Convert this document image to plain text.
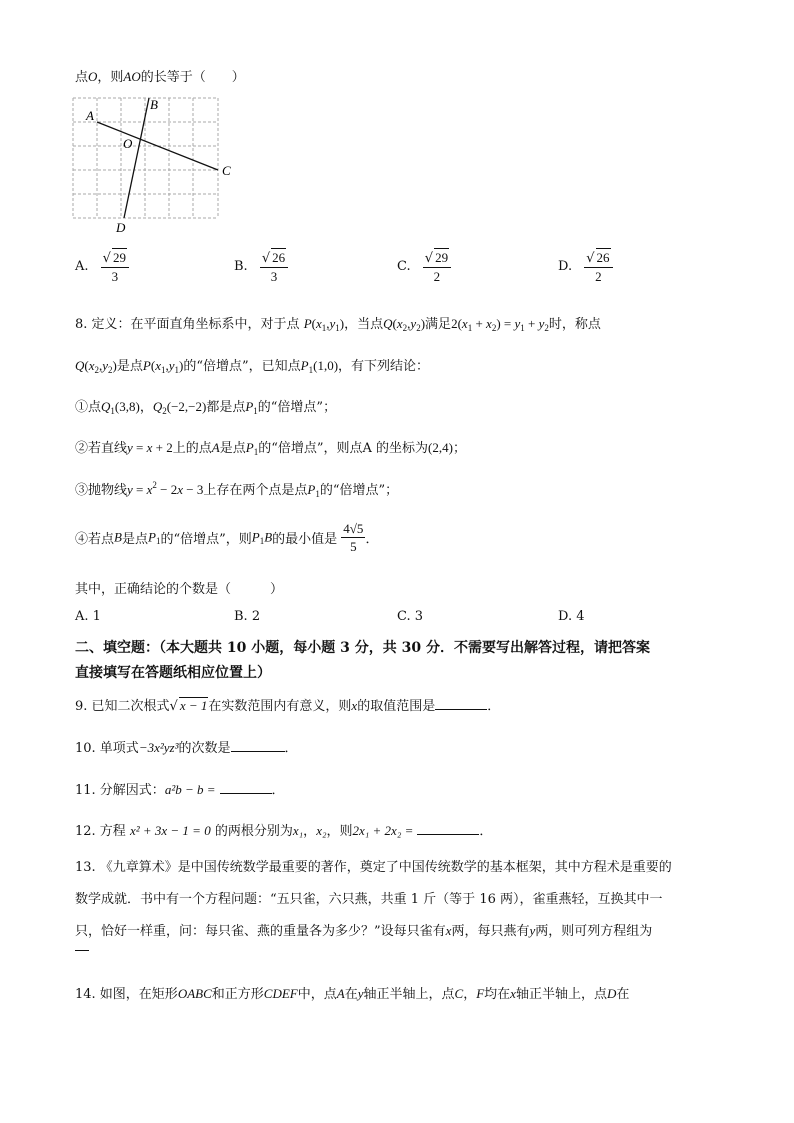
点O，则AO的长等于（　　）
A
B
O
C
D
A. $\frac{√ 29}{3}$	B. $\frac{√ 26}{3}$	C. $\frac{√ 29}{2}$	D. $\frac{√ 26}{2}$
8. 定义：在平面直角坐标系中，对于点 $P(x_1,y_1)$，当点$Q(x_2,y_2)$满足$2(x_1 + x_2) = y_1 + y_2$时，称点
$Q(x_2,y_2)$是点$P(x_1,y_1)$的“倍增点”，已知点$P_1(1,0)$，有下列结论：
①点$Q_1(3,8)$，$Q_2(-2,-2)$都是点$P_1$的“倍增点”；
②若直线y = x + 2上的点A是点$P_1$的“倍增点”，则点A 的坐标为(2,4)；
③抛物线$y = x^2 - 2x - 3$上存在两个点是点$P_1$的“倍增点”；
④若点B是点$P_1$的“倍增点”，则$P_1B$的最小值是 $\frac{4√5}{5}$ ．
其中，正确结论的个数是（　　　）
A. 1	B. 2	C. 3	D. 4
二、填空题：（本大题共 10 小题，每小题 3 分，共 30 分．不需要写出解答过程，请把答案
直接填写在答题纸相应位置上）
9. 已知二次根式√ x − 1在实数范围内有意义，则x的取值范围是	．
10. 单项式−3x²yz³的次数是	．
11. 分解因式：a²b − b =	．
12. 方程 x² + 3x − 1 = 0 的两根分别为x₁，x₂，则2x₁ + 2x₂ =	．
13. 《九章算术》是中国传统数学最重要的著作，奠定了中国传统数学的基本框架，其中方程术是重要的
数学成就．书中有一个方程问题：“五只雀，六只燕，共重 1 斤（等于 16 两），雀重燕轻，互换其中一
只，恰好一样重，问：每只雀、燕的重量各为多少？”设每只雀有x两，每只燕有y两，则可列方程组为
14. 如图，在矩形OABC和正方形CDEF中，点A在y轴正半轴上，点C，F均在x轴正半轴上，点D在
